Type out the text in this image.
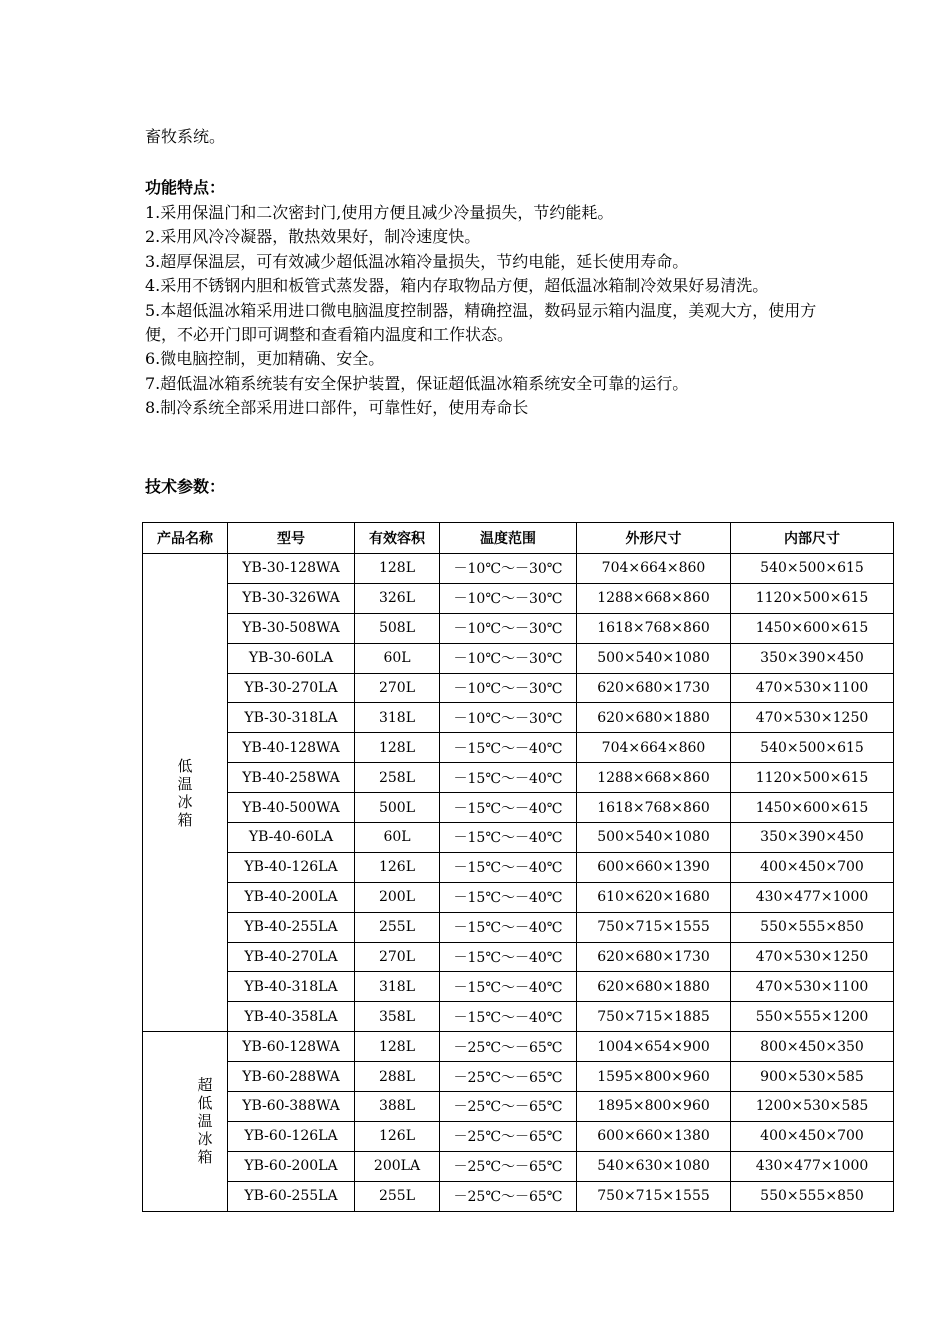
畜牧系统。
功能特点：

1.采用保温门和二次密封门,使用方便且减少冷量损失，节约能耗。

2.采用风冷冷凝器，散热效果好，制冷速度快。

3.超厚保温层，可有效减少超低温冰箱冷量损失，节约电能，延长使用寿命。

4.采用不锈钢内胆和板管式蒸发器，箱内存取物品方便，超低温冰箱制冷效果好易清洗。

5.本超低温冰箱采用进口微电脑温度控制器，精确控温，数码显示箱内温度，美观大方，使用方便，不必开门即可调整和查看箱内温度和工作状态。

6.微电脑控制，更加精确、安全。

7.超低温冰箱系统装有安全保护装置，保证超低温冰箱系统安全可靠的运行。

8.制冷系统全部采用进口部件，可靠性好，使用寿命长

技术参数：
产品名称	型号	有效容积	温度范围	外形尺寸	内部尺寸
低温冰箱	YB-30-128WA	128L	－10℃～－30℃	704×664×860	540×500×615
	YB-30-326WA	326L	－10℃～－30℃	1288×668×860	1120×500×615
	YB-30-508WA	508L	－10℃～－30℃	1618×768×860	1450×600×615
	YB-30-60LA	60L	－10℃～－30℃	500×540×1080	350×390×450
	YB-30-270LA	270L	－10℃～－30℃	620×680×1730	470×530×1100
	YB-30-318LA	318L	－10℃～－30℃	620×680×1880	470×530×1250
	YB-40-128WA	128L	－15℃～－40℃	704×664×860	540×500×615
	YB-40-258WA	258L	－15℃～－40℃	1288×668×860	1120×500×615
	YB-40-500WA	500L	－15℃～－40℃	1618×768×860	1450×600×615
	YB-40-60LA	60L	－15℃～－40℃	500×540×1080	350×390×450
	YB-40-126LA	126L	－15℃～－40℃	600×660×1390	400×450×700
	YB-40-200LA	200L	－15℃～－40℃	610×620×1680	430×477×1000
	YB-40-255LA	255L	－15℃～－40℃	750×715×1555	550×555×850
	YB-40-270LA	270L	－15℃～－40℃	620×680×1730	470×530×1250
	YB-40-318LA	318L	－15℃～－40℃	620×680×1880	470×530×1100
	YB-40-358LA	358L	－15℃～－40℃	750×715×1885	550×555×1200
超低温冰箱	YB-60-128WA	128L	－25℃～－65℃	1004×654×900	800×450×350
	YB-60-288WA	288L	－25℃～－65℃	1595×800×960	900×530×585
	YB-60-388WA	388L	－25℃～－65℃	1895×800×960	1200×530×585
	YB-60-126LA	126L	－25℃～－65℃	600×660×1380	400×450×700
	YB-60-200LA	200LA	－25℃～－65℃	540×630×1080	430×477×1000
	YB-60-255LA	255L	－25℃～－65℃	750×715×1555	550×555×850
